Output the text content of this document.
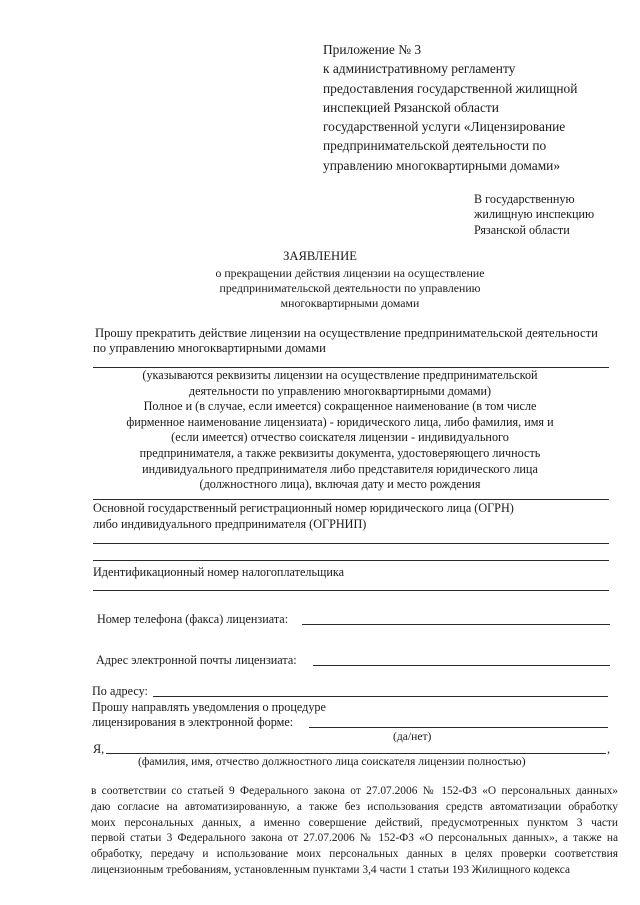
Приложение № 3
к административному регламенту
предоставления государственной жилищной
инспекцией Рязанской области
государственной услуги «Лицензирование
предпринимательской деятельности по
управлению многоквартирными домами»
В государственную
жилищную инспекцию
Рязанской области
ЗАЯВЛЕНИЕ
о прекращении действия лицензии на осуществление
предпринимательской деятельности по управлению
многоквартирными домами
Прошу прекратить действие лицензии на осуществление предпринимательской деятельности
по управлению многоквартирными домами
(указываются реквизиты лицензии на осуществление предпринимательской
деятельности по управлению многоквартирными домами)
Полное и (в случае, если имеется) сокращенное наименование (в том числе
фирменное наименование лицензиата) - юридического лица, либо фамилия, имя и
(если имеется) отчество соискателя лицензии - индивидуального
предпринимателя, а также реквизиты документа, удостоверяющего личность
индивидуального предпринимателя либо представителя юридического лица
(должностного лица), включая дату и место рождения
Основной государственный регистрационный номер юридического лица (ОГРН)
либо индивидуального предпринимателя (ОГРНИП)
Идентификационный номер налогоплательщика
Номер телефона (факса) лицензиата:
Адрес электронной почты лицензиата:
По адресу:
Прошу направлять уведомления о процедуре
лицензирования в электронной форме:
(да/нет)
Я,	,
(фамилия, имя, отчество должностного лица соискателя лицензии полностью)
в соответствии со статьей 9 Федерального закона от 27.07.2006 № 152-ФЗ «О персональных данных»
даю согласие на автоматизированную, а также без использования средств автоматизации обработку
моих персональных данных, а именно совершение действий, предусмотренных пунктом 3 части
первой статьи 3 Федерального закона от 27.07.2006 № 152-ФЗ «О персональных данных», а также на
обработку, передачу и использование моих персональных данных в целях проверки соответствия
лицензионным требованиям, установленным пунктами 3,4 части 1 статьи 193 Жилищного кодекса
